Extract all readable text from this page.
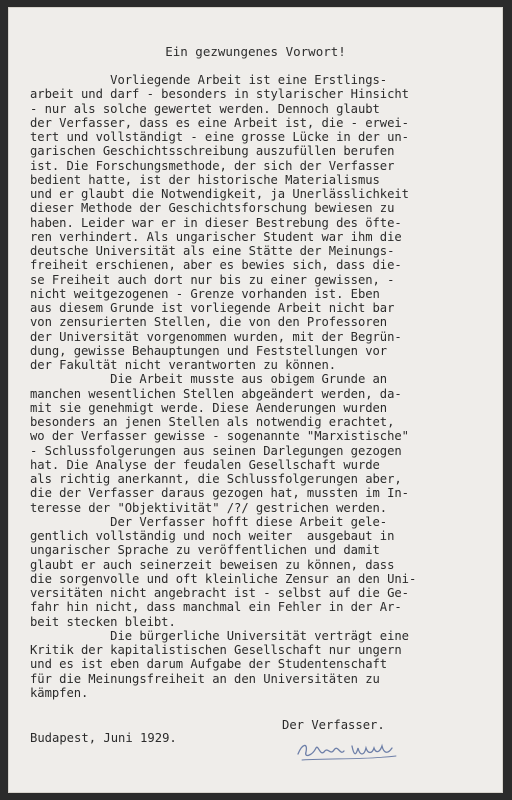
Ein gezwungenes Vorwort!
Vorliegende Arbeit ist eine Erstlings-
arbeit und darf - besonders in stylarischer Hinsicht
- nur als solche gewertet werden. Dennoch glaubt
der Verfasser, dass es eine Arbeit ist, die - erwei-
tert und vollständigt - eine grosse Lücke in der un-
garischen Geschichtsschreibung auszufüllen berufen
ist. Die Forschungsmethode, der sich der Verfasser
bedient hatte, ist der historische Materialismus
und er glaubt die Notwendigkeit, ja Unerlässlichkeit
dieser Methode der Geschichtsforschung bewiesen zu
haben. Leider war er in dieser Bestrebung des öfte-
ren verhindert. Als ungarischer Student war ihm die
deutsche Universität als eine Stätte der Meinungs-
freiheit erschienen, aber es bewies sich, dass die-
se Freiheit auch dort nur bis zu einer gewissen, -
nicht weitgezogenen - Grenze vorhanden ist. Eben
aus diesem Grunde ist vorliegende Arbeit nicht bar
von zensurierten Stellen, die von den Professoren
der Universität vorgenommen wurden, mit der Begrün-
dung, gewisse Behauptungen und Feststellungen vor
der Fakultät nicht verantworten zu können.
Die Arbeit musste aus obigem Grunde an
manchen wesentlichen Stellen abgeändert werden, da-
mit sie genehmigt werde. Diese Aenderungen wurden
besonders an jenen Stellen als notwendig erachtet,
wo der Verfasser gewisse - sogenannte "Marxistische"
- Schlussfolgerungen aus seinen Darlegungen gezogen
hat. Die Analyse der feudalen Gesellschaft wurde
als richtig anerkannt, die Schlussfolgerungen aber,
die der Verfasser daraus gezogen hat, mussten im In-
teresse der "Objektivität" /?/ gestrichen werden.
Der Verfasser hofft diese Arbeit gele-
gentlich vollständig und noch weiter  ausgebaut in
ungarischer Sprache zu veröffentlichen und damit
glaubt er auch seinerzeit beweisen zu können, dass
die sorgenvolle und oft kleinliche Zensur an den Uni-
versitäten nicht angebracht ist - selbst auf die Ge-
fahr hin nicht, dass manchmal ein Fehler in der Ar-
beit stecken bleibt.
Die bürgerliche Universität verträgt eine
Kritik der kapitalistischen Gesellschaft nur ungern
und es ist eben darum Aufgabe der Studentenschaft
für die Meinungsfreiheit an den Universitäten zu
kämpfen.
Budapest, Juni 1929.
Der Verfasser.
